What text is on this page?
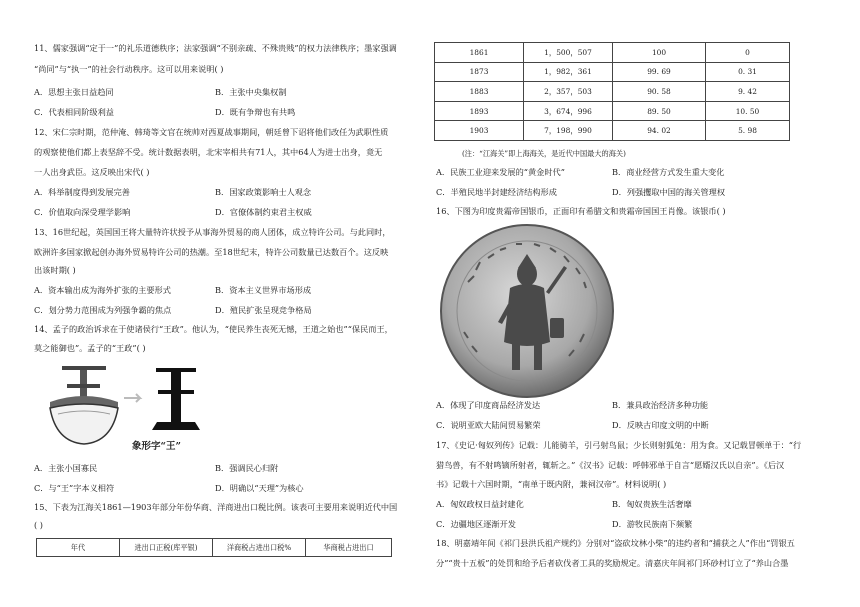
11、儒家强调“定于一”的礼乐道德秩序；法家强调“不别亲疏、不殊贵贱”的权力法律秩序；墨家强调
“尚同”与“执一”的社会行动秩序。这可以用来说明( )
A．思想主张日益趋同	B．主张中央集权制
C．代表相同阶级利益	D．既有争辩也有共鸣
12、宋仁宗时期，范仲淹、韩琦等文官在统帅对西夏战事期间，朝廷曾下诏将他们改任为武职性质
的观察使他们都上表坚辞不受。统计数据表明，北宋宰相共有71人，其中64人为进士出身，竟无
一人出身武臣。这反映出宋代( )
A．科举制度得到发展完善	B．国家政策影响士人观念
C．价值取向深受理学影响	D．官僚体制约束君主权威
13、16世纪起，英国国王将大量特许状授予从事海外贸易的商人团体，成立特许公司。与此同时，
欧洲许多国家掀起创办海外贸易特许公司的热潮。至18世纪末，特许公司数量已达数百个。这反映
出该时期( )
A．资本输出成为海外扩张的主要形式	B．资本主义世界市场形成
C．划分势力范围成为列强争霸的焦点	D．殖民扩张呈现竞争格局
14、孟子的政治诉求在于使诸侯行“王政”。他认为，“使民养生丧死无憾，王道之始也”“保民而王，
莫之能御也”。孟子的“王政”( )
象形字“王”
A．主张小国寡民	B．强调民心归附
C．与“王”字本义相符	D．明确以“天理”为核心
15、下表为江海关1861—1903年部分年份华商、洋商进出口税比例。该表可主要用来说明近代中国
( )
年代	进出口正税(库平银)	洋商税占进出口税%	华商税占进出口
1861	1，500，507	100	0
1873	1，982，361	99. 69	0. 31
1883	2，357，503	90. 58	9. 42
1893	3，674，996	89. 50	10. 50
1903	7，198，990	94. 02	5. 98
(注：“江海关”即上海海关，是近代中国最大的海关)
A．民族工业迎来发展的“黄金时代”	B．商业经营方式发生重大变化
C．半殖民地半封建经济结构形成	D．列强攫取中国的海关管理权
16、下图为印度贵霜帝国银币，正面印有希腊文和贵霜帝国国王肖像。该银币( )
A．体现了印度商品经济发达	B．兼具政治经济多种功能
C．说明亚欧大陆间贸易繁荣	D．反映古印度文明的中断
17、《史记·匈奴列传》记载：儿能骑羊，引弓射鸟鼠；少长则射狐兔：用为食。又记载冒顿单于：“行
猎鸟兽，有不射鸣镝所射者，辄斩之。”《汉书》记载：呼韩邪单于自言“愿婿汉氏以自亲”。《后汉
书》记载十六国时期，“南单于既内附，兼祠汉帝”。材料说明( )
A．匈奴政权日益封建化	B．匈奴贵族生活奢靡
C．边疆地区逐渐开发	D．游牧民族南下频繁
18、明嘉靖年间《祁门县洪氏祖产规约》分别对“盗砍坟林小柴”的违约者和“捕获之人”作出“罚银五
分”“贵十五板”的处罚和给予后者砍伐者工具的奖励规定。清嘉庆年间祁门环砂村订立了“养山合墨
